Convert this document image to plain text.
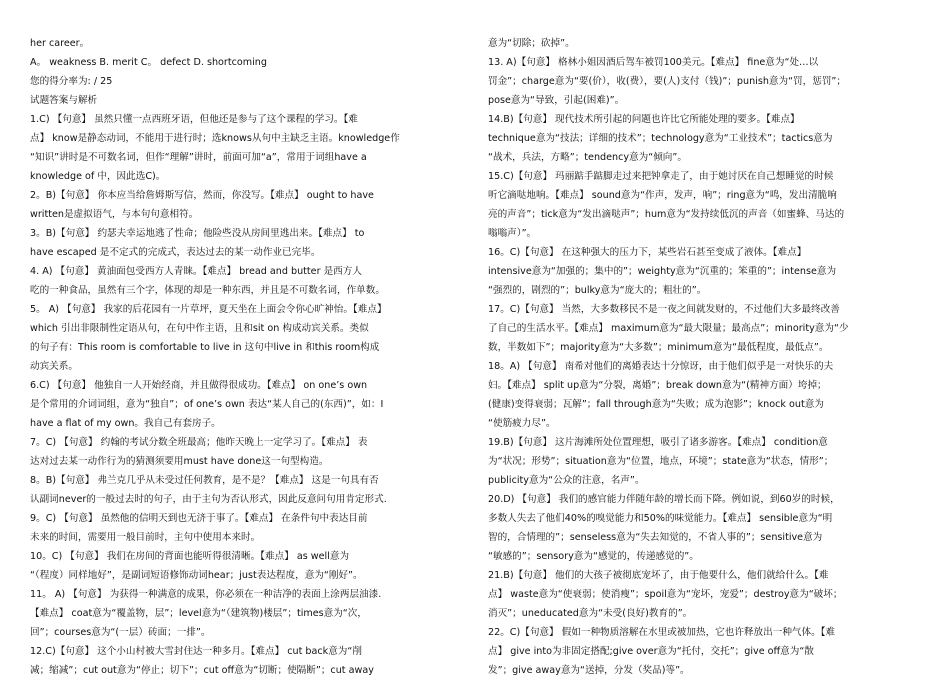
her career。
A。 weakness B. merit C。 defect D. shortcoming
您的得分率为: / 25
试题答案与解析
1.C) 【句意】 虽然只懂一点西班牙语，但他还是参与了这个课程的学习。【难
点】 know是静态动词，不能用于进行时；选knows从句中主缺乏主语。knowledge作
“知识”讲时是不可数名词，但作“理解”讲时，前面可加“a”，常用于词组have a
knowledge of 中，因此选C)。
2。B)【句意】 你本应当给詹姆斯写信，然而，你没写。【难点】 ought to have
written是虚拟语气，与本句句意相符。
3。B)【句意】 约瑟夫幸运地逃了性命；他险些没从房间里逃出来。【难点】 to
have escaped 是不定式的完成式，表达过去的某一动作业已完毕。
4. A) 【句意】 黄油面包受西方人青睐。【难点】 bread and butter 是西方人
吃的一种食品，虽然有三个字，体现的却是一种东西，并且是不可数名词，作单数。
5。 A) 【句意】 我家的后花园有一片草坪，夏天坐在上面会令你心旷神怡。【难点】
which 引出非限制性定语从句，在句中作主语，且和sit on 构成动宾关系。类似
的句子有：This room is comfortable to live in 这句中live in 和this room构成
动宾关系。
6.C) 【句意】 他独自一人开始经商，并且做得很成功。【难点】 on one’s own
是个常用的介词词组，意为“独自”；of one’s own 表达“某人自己的(东西)”，如：I
have a flat of my own。我自己有套房子。
7。C) 【句意】 约翰的考试分数全班最高；他昨天晚上一定学习了。【难点】 表
达对过去某一动作行为的猜测须要用must have done这一句型构造。
8。B)【句意】 弗兰克几乎从未受过任何教育，是不是？【难点】 这是一句具有否
认副词never的一般过去时的句子，由于主句为否认形式，因此反意问句用肯定形式.
9。C) 【句意】 虽然他的信明天到也无济于事了。【难点】 在条件句中表达目前
未来的时间，需要用一般目前时，主句中使用本来时。
10。C) 【句意】 我们在房间的背面也能听得很清晰。【难点】 as well意为
“（程度）同样地好”，是副词短语修饰动词hear；just表达程度，意为“刚好”。
11。 A) 【句意】 为获得一种满意的成果，你必须在一种洁净的表面上涂两层油漆.
【难点】 coat意为“覆盖物，层”；level意为“（建筑物)楼层”；times意为“次，
回”；courses意为“(一层）砖面；一排”。
12.C)【句意】 这个小山村被大雪封住达一种多月。【难点】 cut back意为“削
减；缩减”；cut out意为“停止；切下”；cut off意为“切断；使隔断”；cut away
意为“切除；砍掉”。
13. A)【句意】 格林小姐因酒后驾车被罚100美元。【难点】 fine意为“处…以
罚金”；charge意为“要(价），收(费），要(人)支付（钱)”；punish意为“罚，惩罚”；
pose意为“导致，引起(困难)”。
14.B)【句意】 现代技术所引起的问题也许比它所能处理的要多。【难点】
technique意为“技法；详细的技术”；technology意为“工业技术”；tactics意为
“战术，兵法，方略”；tendency意为“倾向”。
15.C)【句意】 玛丽踮手踮脚走过来把钟拿走了，由于她讨厌在自己想睡觉的时候
听它滴哒地响。【难点】 sound意为“作声，发声，响”；ring意为“鸣，发出清脆响
亮的声音”；tick意为“发出滴哒声”；hum意为“发持续低沉的声音（如蜜蜂、马达的
嗡嗡声）”。
16。C)【句意】 在这种强大的压力下，某些岩石甚至变成了液体。【难点】
intensive意为“加强的；集中的”；weighty意为“沉重的；笨重的”；intense意为
“强烈的，剧烈的”；bulky意为“庞大的；粗壮的”。
17。C)【句意】 当然，大多数移民不是一夜之间就发财的，不过他们大多最终改善
了自己的生活水平。【难点】 maximum意为“最大限量；最高点”；minority意为“少
数，半数如下”；majority意为“大多数”；minimum意为“最低程度，最低点”。
18。A) 【句意】 南希对他们的离婚表达十分惊讶，由于他们似乎是一对快乐的夫
妇。【难点】 split up意为“分裂，离婚”；break down意为“(精神方面）垮掉；
(健康)变得衰弱；瓦解”；fall through意为“失败；成为泡影”；knock out意为
“使筋疲力尽”。
19.B)【句意】 这片海滩所处位置理想，吸引了诸多游客。【难点】 condition意
为“状况；形势”；situation意为“位置，地点，环境”；state意为“状态，情形”；
publicity意为“公众的注意，名声”。
20.D) 【句意】 我们的感官能力伴随年龄的增长而下降。例如说，到60岁的时候，
多数人失去了他们40%的嗅觉能力和50%的味觉能力。【难点】 sensible意为“明
智的，合情理的”；senseless意为“失去知觉的，不省人事的”；sensitive意为
“敏感的”；sensory意为“感觉的，传递感觉的”。
21.B)【句意】 他们的大孩子被彻底宠坏了，由于他要什么，他们就给什么。【难
点】 waste意为“使衰弱；使消瘦”；spoil意为“宠坏，宠爱”；destroy意为“破坏；
消灭”；uneducated意为“未受(良好)教育的”。
22。C)【句意】 假如一种物质溶解在水里或被加热，它也许释放出一种气体。【难
点】 give into为非固定搭配;give over意为“托付，交托”；give off意为“散
发”；give away意为“送掉，分发（奖品)等”。
